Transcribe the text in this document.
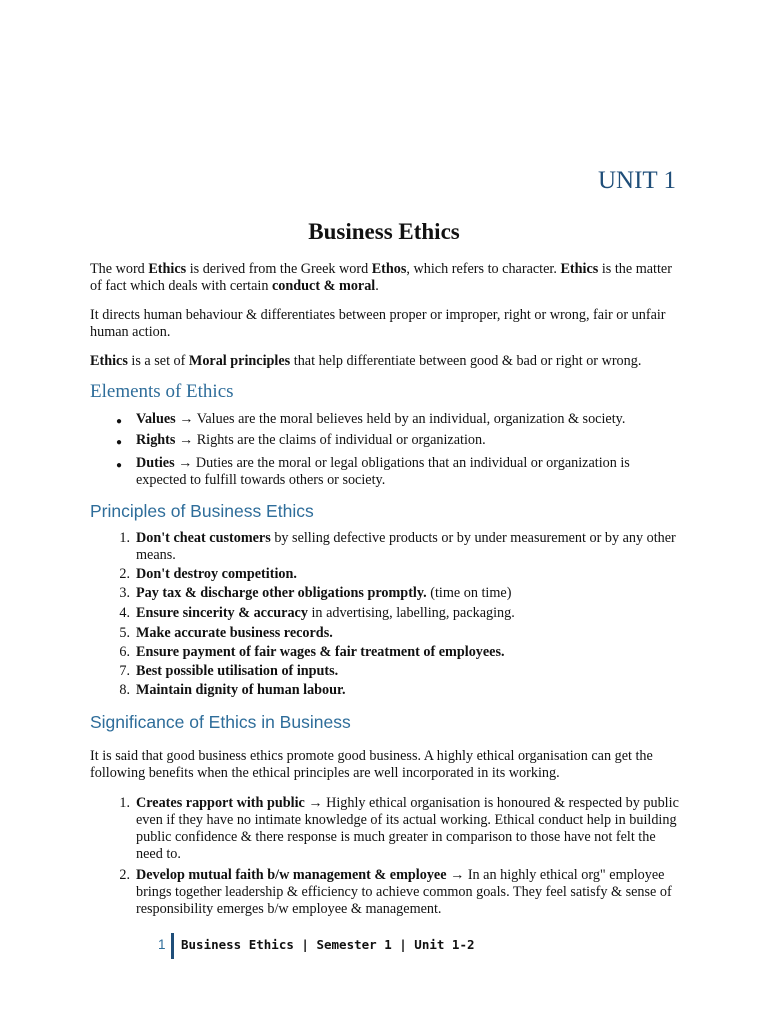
UNIT 1
Business Ethics
The word Ethics is derived from the Greek word Ethos, which refers to character. Ethics is the matter of fact which deals with certain conduct & moral.
It directs human behaviour & differentiates between proper or improper, right or wrong, fair or unfair human action.
Ethics is a set of Moral principles that help differentiate between good & bad or right or wrong.
Elements of Ethics
● Values → Values are the moral believes held by an individual, organization & society.
● Rights → Rights are the claims of individual or organization.
● Duties → Duties are the moral or legal obligations that an individual or organization is expected to fulfill towards others or society.
Principles of Business Ethics
1. Don't cheat customers by selling defective products or by under measurement or by any other means.
2. Don't destroy competition.
3. Pay tax & discharge other obligations promptly. (time on time)
4. Ensure sincerity & accuracy in advertising, labelling, packaging.
5. Make accurate business records.
6. Ensure payment of fair wages & fair treatment of employees.
7. Best possible utilisation of inputs.
8. Maintain dignity of human labour.
Significance of Ethics in Business
It is said that good business ethics promote good business. A highly ethical organisation can get the following benefits when the ethical principles are well incorporated in its working.
1. Creates rapport with public → Highly ethical organisation is honoured & respected by public even if they have no intimate knowledge of its actual working. Ethical conduct help in building public confidence & there response is much greater in comparison to those have not felt the need to.
2. Develop mutual faith b/w management & employee → In an highly ethical org" employee brings together leadership & efficiency to achieve common goals. They feel satisfy & sense of responsibility emerges b/w employee & management.
1 Business Ethics | Semester 1 | Unit 1-2
